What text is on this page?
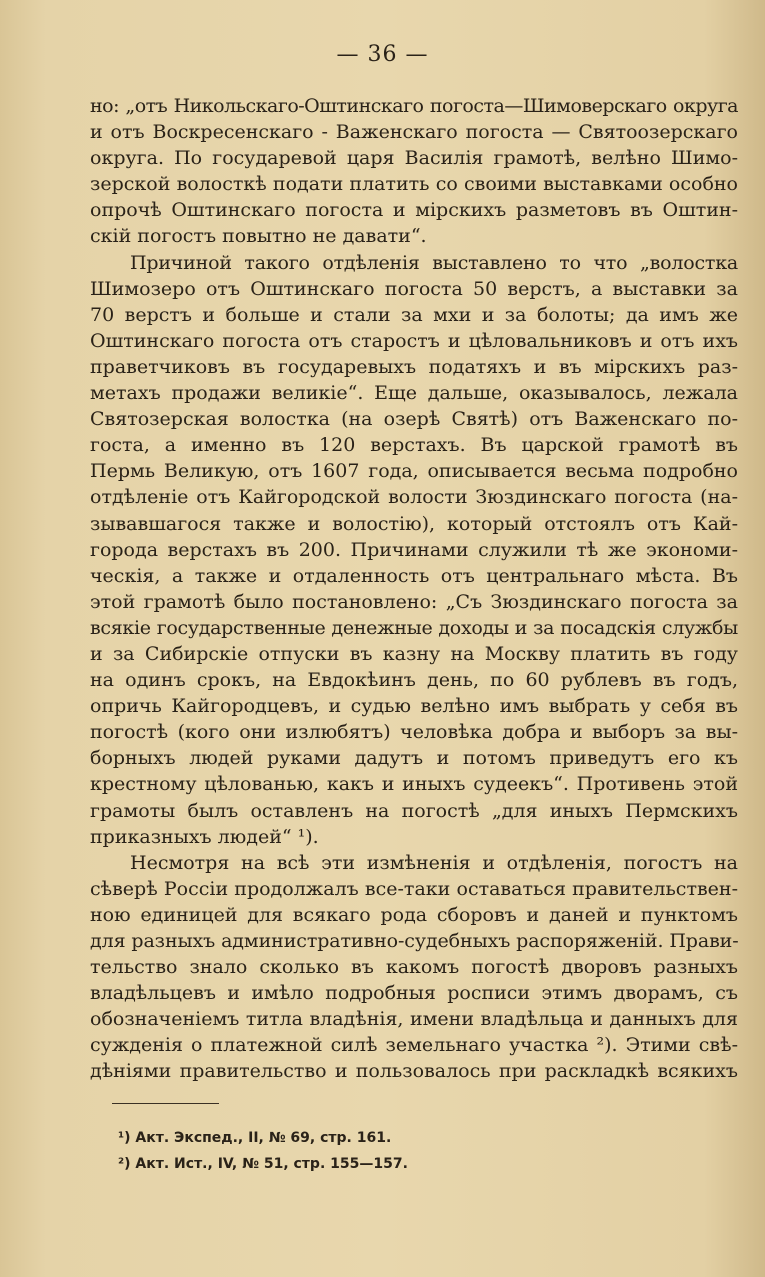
— 36 —
но: „отъ Никольскаго-Оштинскаго погоста—Шимоверскаго округа
и отъ Воскресенскаго - Важенскаго погоста — Святоозерскаго
округа. По государевой царя Василія грамотѣ, велѣно Шимо-
зерской волосткѣ подати платить со своими выставками особно
опрочѣ Оштинскаго погоста и мірскихъ разметовъ въ Оштин-
скій погостъ повытно не давати“.
Причиной такого отдѣленія выставлено то что „волостка
Шимозеро отъ Оштинскаго погоста 50 верстъ, а выставки за
70 верстъ и больше и стали за мхи и за болоты; да имъ же
Оштинскаго погоста отъ старостъ и цѣловальниковъ и отъ ихъ
праветчиковъ въ государевыхъ податяхъ и въ мірскихъ раз-
метахъ продажи великіе“. Еще дальше, оказывалось, лежала
Святозерская волостка (на озерѣ Святѣ) отъ Важенскаго по-
госта, а именно въ 120 верстахъ. Въ царской грамотѣ въ
Пермь Великую, отъ 1607 года, описывается весьма подробно
отдѣленіе отъ Кайгородской волости Зюздинскаго погоста (на-
зывавшагося также и волостію), который отстоялъ отъ Кай-
города верстахъ въ 200. Причинами служили тѣ же экономи-
ческія, а также и отдаленность отъ центральнаго мѣста. Въ
этой грамотѣ было постановлено: „Съ Зюздинскаго погоста за
всякіе государственные денежные доходы и за посадскія службы
и за Сибирскіе отпуски въ казну на Москву платить въ году
на одинъ срокъ, на Евдокѣинъ день, по 60 рублевъ въ годъ,
опричь Кайгородцевъ, и судью велѣно имъ выбрать у себя въ
погостѣ (кого они излюбятъ) человѣка добра и выборъ за вы-
борныхъ людей руками дадутъ и потомъ приведутъ его къ
крестному цѣлованью, какъ и иныхъ судеекъ“. Противень этой
грамоты былъ оставленъ на погостѣ „для иныхъ Пермскихъ
приказныхъ людей“ ¹).
Несмотря на всѣ эти измѣненія и отдѣленія, погостъ на
сѣверѣ Россіи продолжалъ все-таки оставаться правительствен-
ною единицей для всякаго рода сборовъ и даней и пунктомъ
для разныхъ административно-судебныхъ распоряженій. Прави-
тельство знало сколько въ какомъ погостѣ дворовъ разныхъ
владѣльцевъ и имѣло подробныя росписи этимъ дворамъ, съ
обозначеніемъ титла владѣнія, имени владѣльца и данныхъ для
сужденія о платежной силѣ земельнаго участка ²). Этими свѣ-
дѣніями правительство и пользовалось при раскладкѣ всякихъ
¹) Акт. Экспед., II, № 69, стр. 161.
²) Акт. Ист., IV, № 51, стр. 155—157.
